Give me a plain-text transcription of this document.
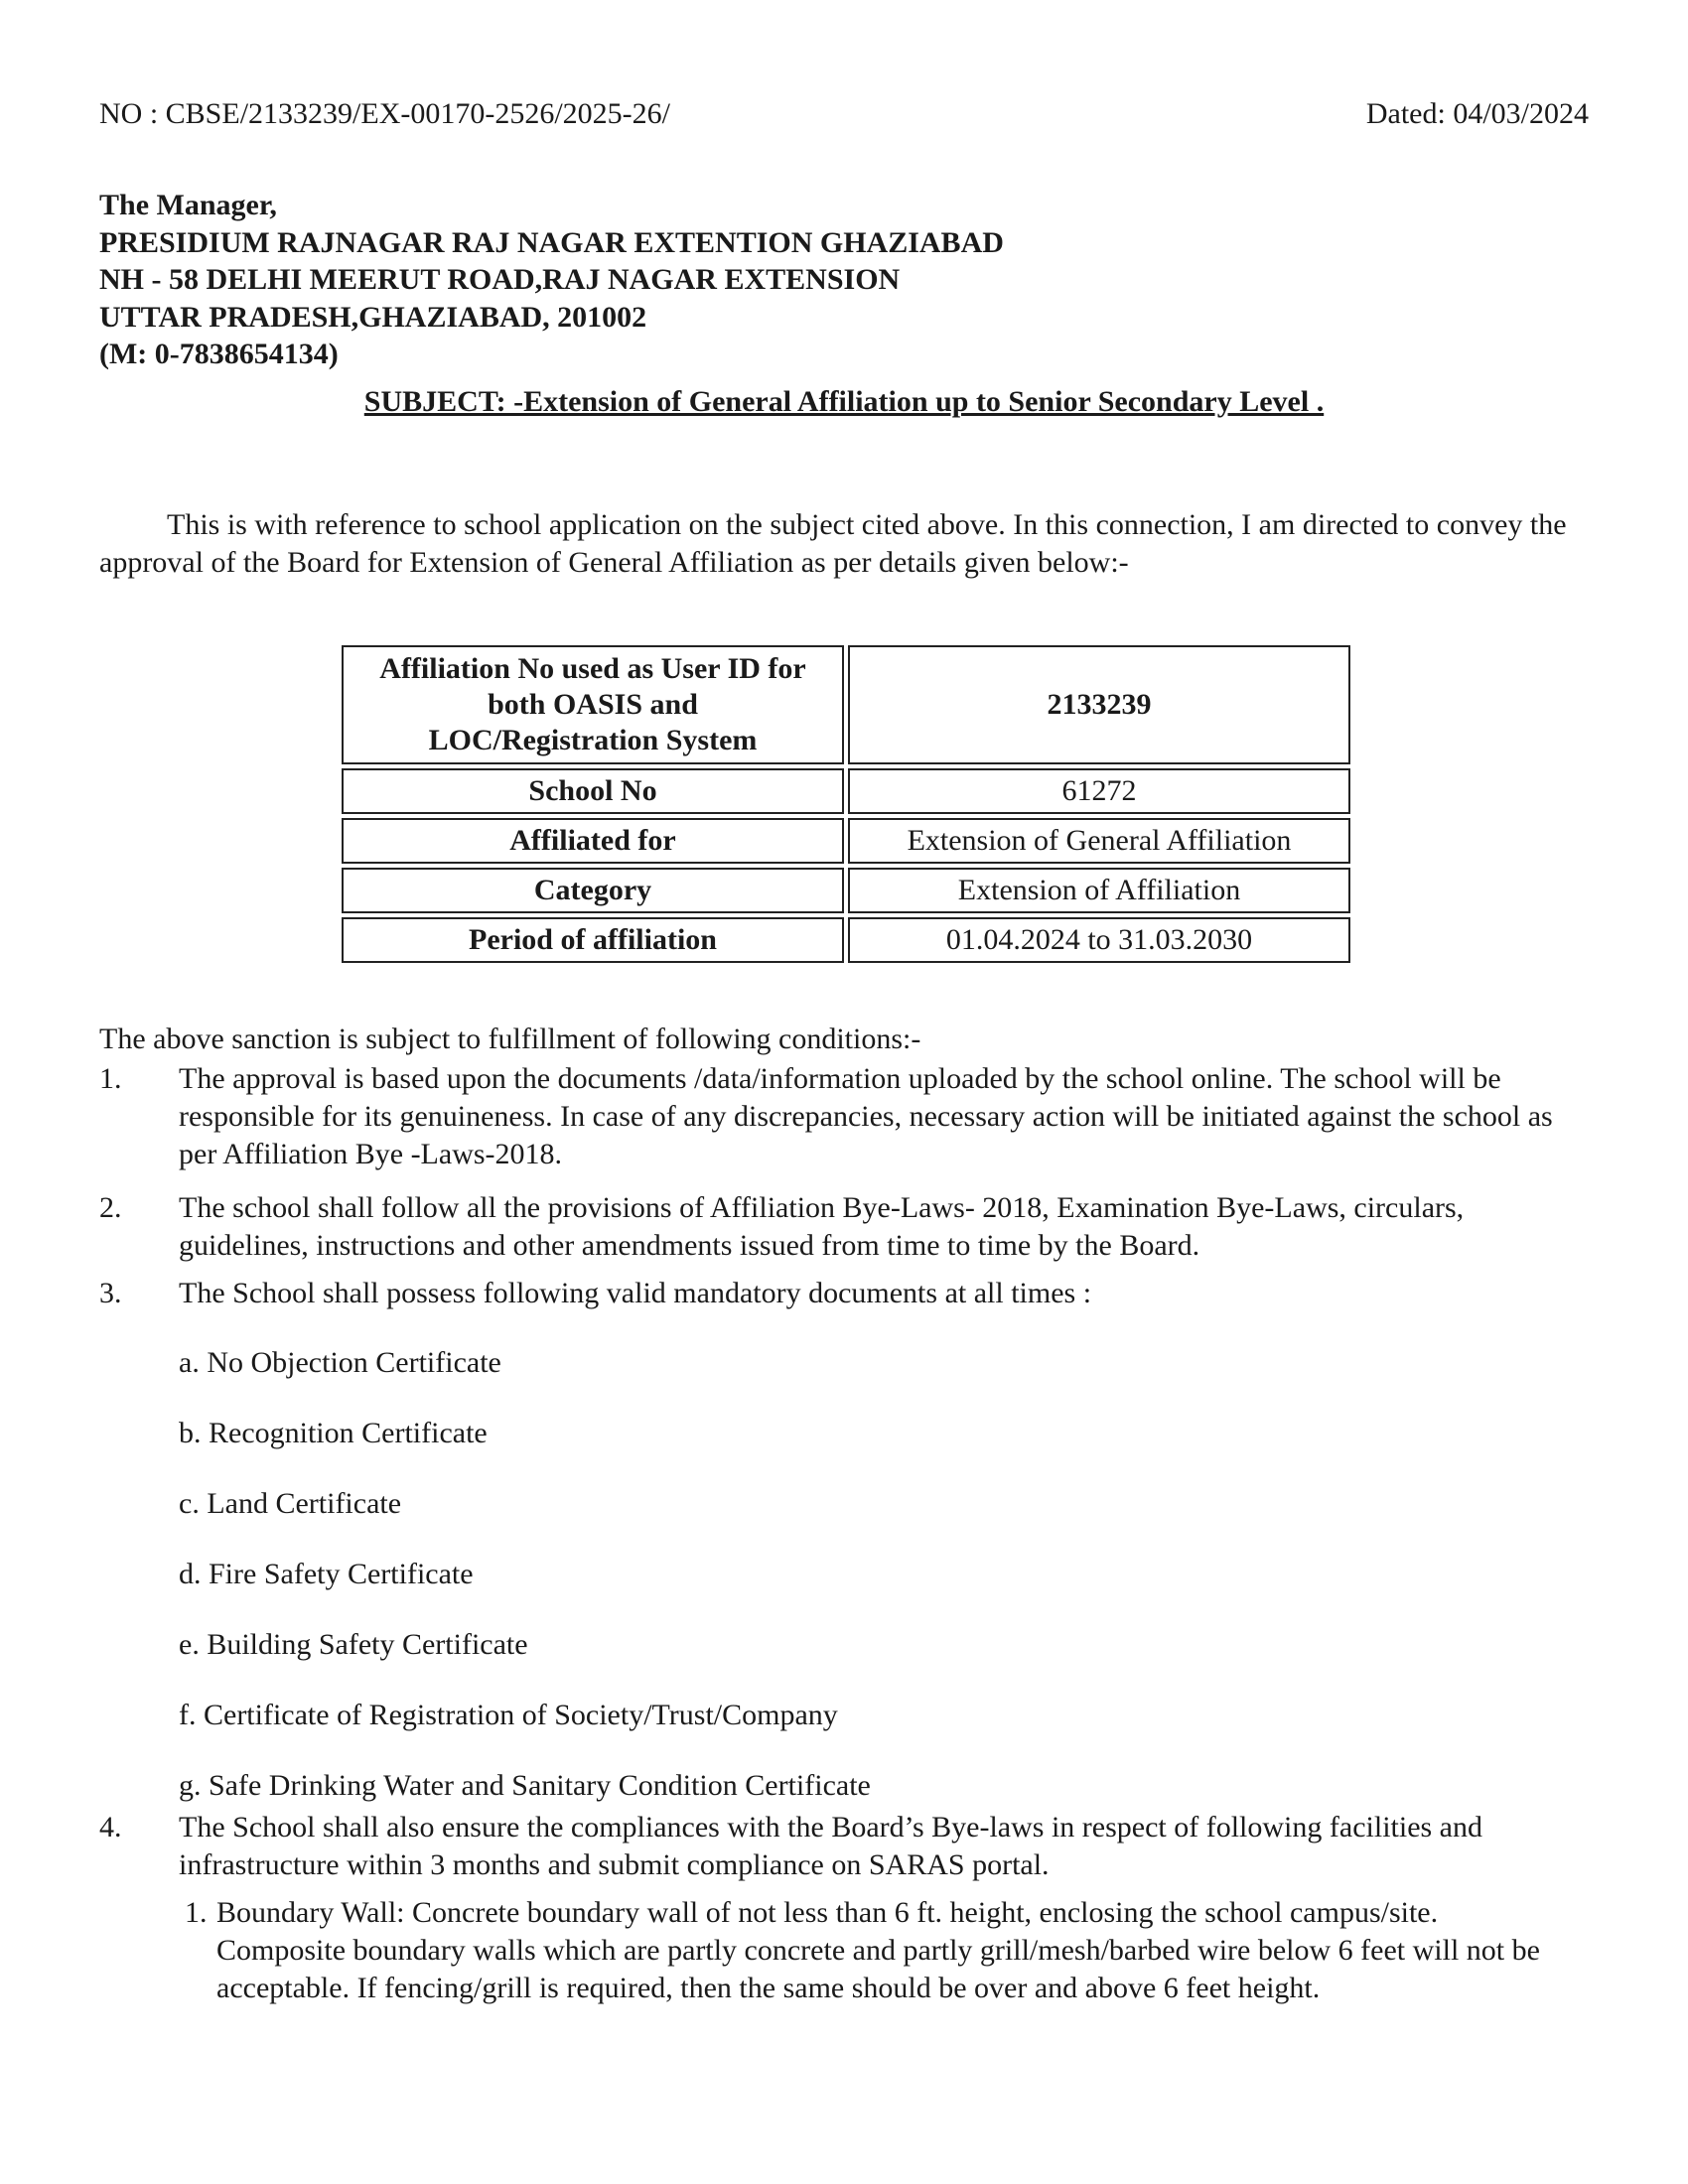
NO : CBSE/2133239/EX-00170-2526/2025-26/	Dated: 04/03/2024
The Manager,
PRESIDIUM RAJNAGAR RAJ NAGAR EXTENTION GHAZIABAD
NH - 58 DELHI MEERUT ROAD,RAJ NAGAR EXTENSION
UTTAR PRADESH,GHAZIABAD, 201002
(M: 0-7838654134)
SUBJECT: -Extension of General Affiliation up to Senior Secondary Level .
This is with reference to school application on the subject cited above. In this connection, I am directed to convey the approval of the Board for Extension of General Affiliation as per details given below:-
Affiliation No used as User ID for
both OASIS and
LOC/Registration System	2133239
School No	61272
Affiliated for	Extension of General Affiliation
Category	Extension of Affiliation
Period of affiliation	01.04.2024 to 31.03.2030
The above sanction is subject to fulfillment of following conditions:-
1. The approval is based upon the documents /data/information uploaded by the school online. The school will be responsible for its genuineness. In case of any discrepancies, necessary action will be initiated against the school as per Affiliation Bye -Laws-2018.
2. The school shall follow all the provisions of Affiliation Bye-Laws- 2018, Examination Bye-Laws, circulars, guidelines, instructions and other amendments issued from time to time by the Board.
3. The School shall possess following valid mandatory documents at all times :
a. No Objection Certificate
b. Recognition Certificate
c. Land Certificate
d. Fire Safety Certificate
e. Building Safety Certificate
f. Certificate of Registration of Society/Trust/Company
g. Safe Drinking Water and Sanitary Condition Certificate
4. The School shall also ensure the compliances with the Board’s Bye-laws in respect of following facilities and infrastructure within 3 months and submit compliance on SARAS portal.
1. Boundary Wall: Concrete boundary wall of not less than 6 ft. height, enclosing the school campus/site. Composite boundary walls which are partly concrete and partly grill/mesh/barbed wire below 6 feet will not be acceptable. If fencing/grill is required, then the same should be over and above 6 feet height.
